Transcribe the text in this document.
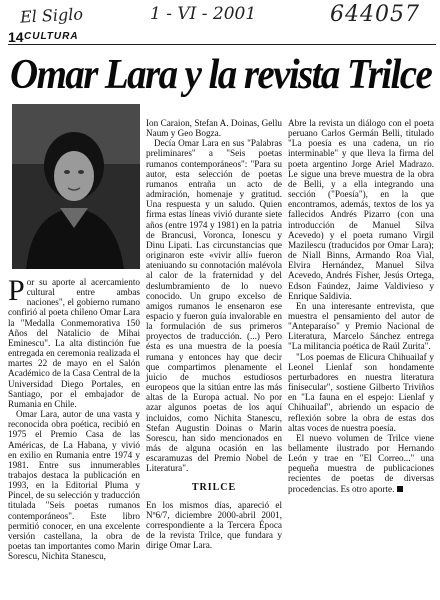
El Siglo	1 - VI - 2001	644057
14 CULTURA
Omar Lara y la revista Trilce

Por su aporte al acercamiento cultural entre ambas naciones", el gobierno rumano confirió al poeta chileno Omar Lara la "Medalla Conmemorativa 150 Años del Natalicio de Mihai Eminescu". La alta distinción fue entregada en ceremonia realizada el martes 22 de mayo en el Salón Académico de la Casa Central de la Universidad Diego Portales, en Santiago, por el embajador de Rumania en Chile.

Omar Lara, autor de una vasta y reconocida obra poética, recibió en 1975 el Premio Casa de las Américas, de La Habana, y vivió en exilio en Rumania entre 1974 y 1981. Entre sus innumerables trabajos destaca la publicación en 1993, en la Editorial Pluma y Pincel, de su selección y traducción titulada "Seis poetas rumanos contemporáneos". Este libro permitió conocer, en una excelente versión castellana, la obra de poetas tan importantes como Marin Sorescu, Nichita Stanescu,

Ion Caraion, Stefan A. Doinas, Gellu Naum y Geo Bogza.

Decía Omar Lara en sus "Palabras preliminares" a "Seis poetas rumanos contemporáneos": "Para su autor, esta selección de poetas rumanos entraña un acto de admiración, homenaje y gratitud. Una respuesta y un saludo. Quien firma estas líneas vivió durante siete años (entre 1974 y 1981) en la patria de Brancusi, Voronca, Ionescu y Dinu Lipati. Las circunstancias que originaron este «vivir allí» fueron ateniuando su connotación malévola al calor de la fraternidad y del deslumbramiento de lo nuevo conocido. Un grupo excelso de amigos rumanos le ensenaron ese espacio y fueron guía invalorable en la formulación de sus primeros proyectos de traducción. (...) Pero ésta es una muestra de la poesía rumana y entonces hay que decir que compartimos plenamente el juicio de muchos estudiosos europeos que la sitúan entre las más altas de la Europa actual. No por azar algunos poetas de los aquí incluidos, como Nichita Stanescu, Stefan Augustin Doinas o Marin Sorescu, han sido mencionados en más de alguna ocasión en las escaramuzas del Premio Nobel de Literatura".

TRILCE

En los mismos días, apareció el Nº6/7, diciembre 2000-abril 2001, correspondiente a la Tercera Época de la revista Trilce, que fundara y dirige Omar Lara.

Abre la revista un diálogo con el poeta peruano Carlos Germán Belli, titulado "La poesía es una cadena, un río interminable" y que lleva la firma del poeta argentino Jorge Ariel Madrazo. Le sigue una breve muestra de la obra de Belli, y a ella integrando una sección ("Poesía"), en la que encontramos, además, textos de los ya fallecidos Andrés Pizarro (con una introducción de Manuel Silva Acevedo) y el poeta rumano Virgil Mazilescu (traducidos por Omar Lara); de Niall Binns, Armando Roa Vial, Elvira Hernández, Manuel Silva Acevedo, Andrés Fisher, Jesús Ortega, Edson Faúndez, Jaime Valdivieso y Enrique Saldivia.

En una interesante entrevista, que muestra el pensamiento del autor de "Anteparaíso" y Premio Nacional de Literatura, Marcelo Sánchez entrega "La militancia poética de Raúl Zurita".

"Los poemas de Elicura Chihuailaf y Leonel Lienlaf son hondamente perturbadores en nuestra literatura finisecular", sostiene Gilberto Triviños en "La fauna en el espejo: Lienlaf y Chihuailaf", abriendo un espacio de reflexión sobre la obra de estas dos altas voces de nuestra poesía.

El nuevo volumen de Trilce viene bellamente ilustrado por Hernando León y trae en "El Correo..." una pequeña muestra de publicaciones recientes de poetas de diversas procedencias. Es otro aporte.
